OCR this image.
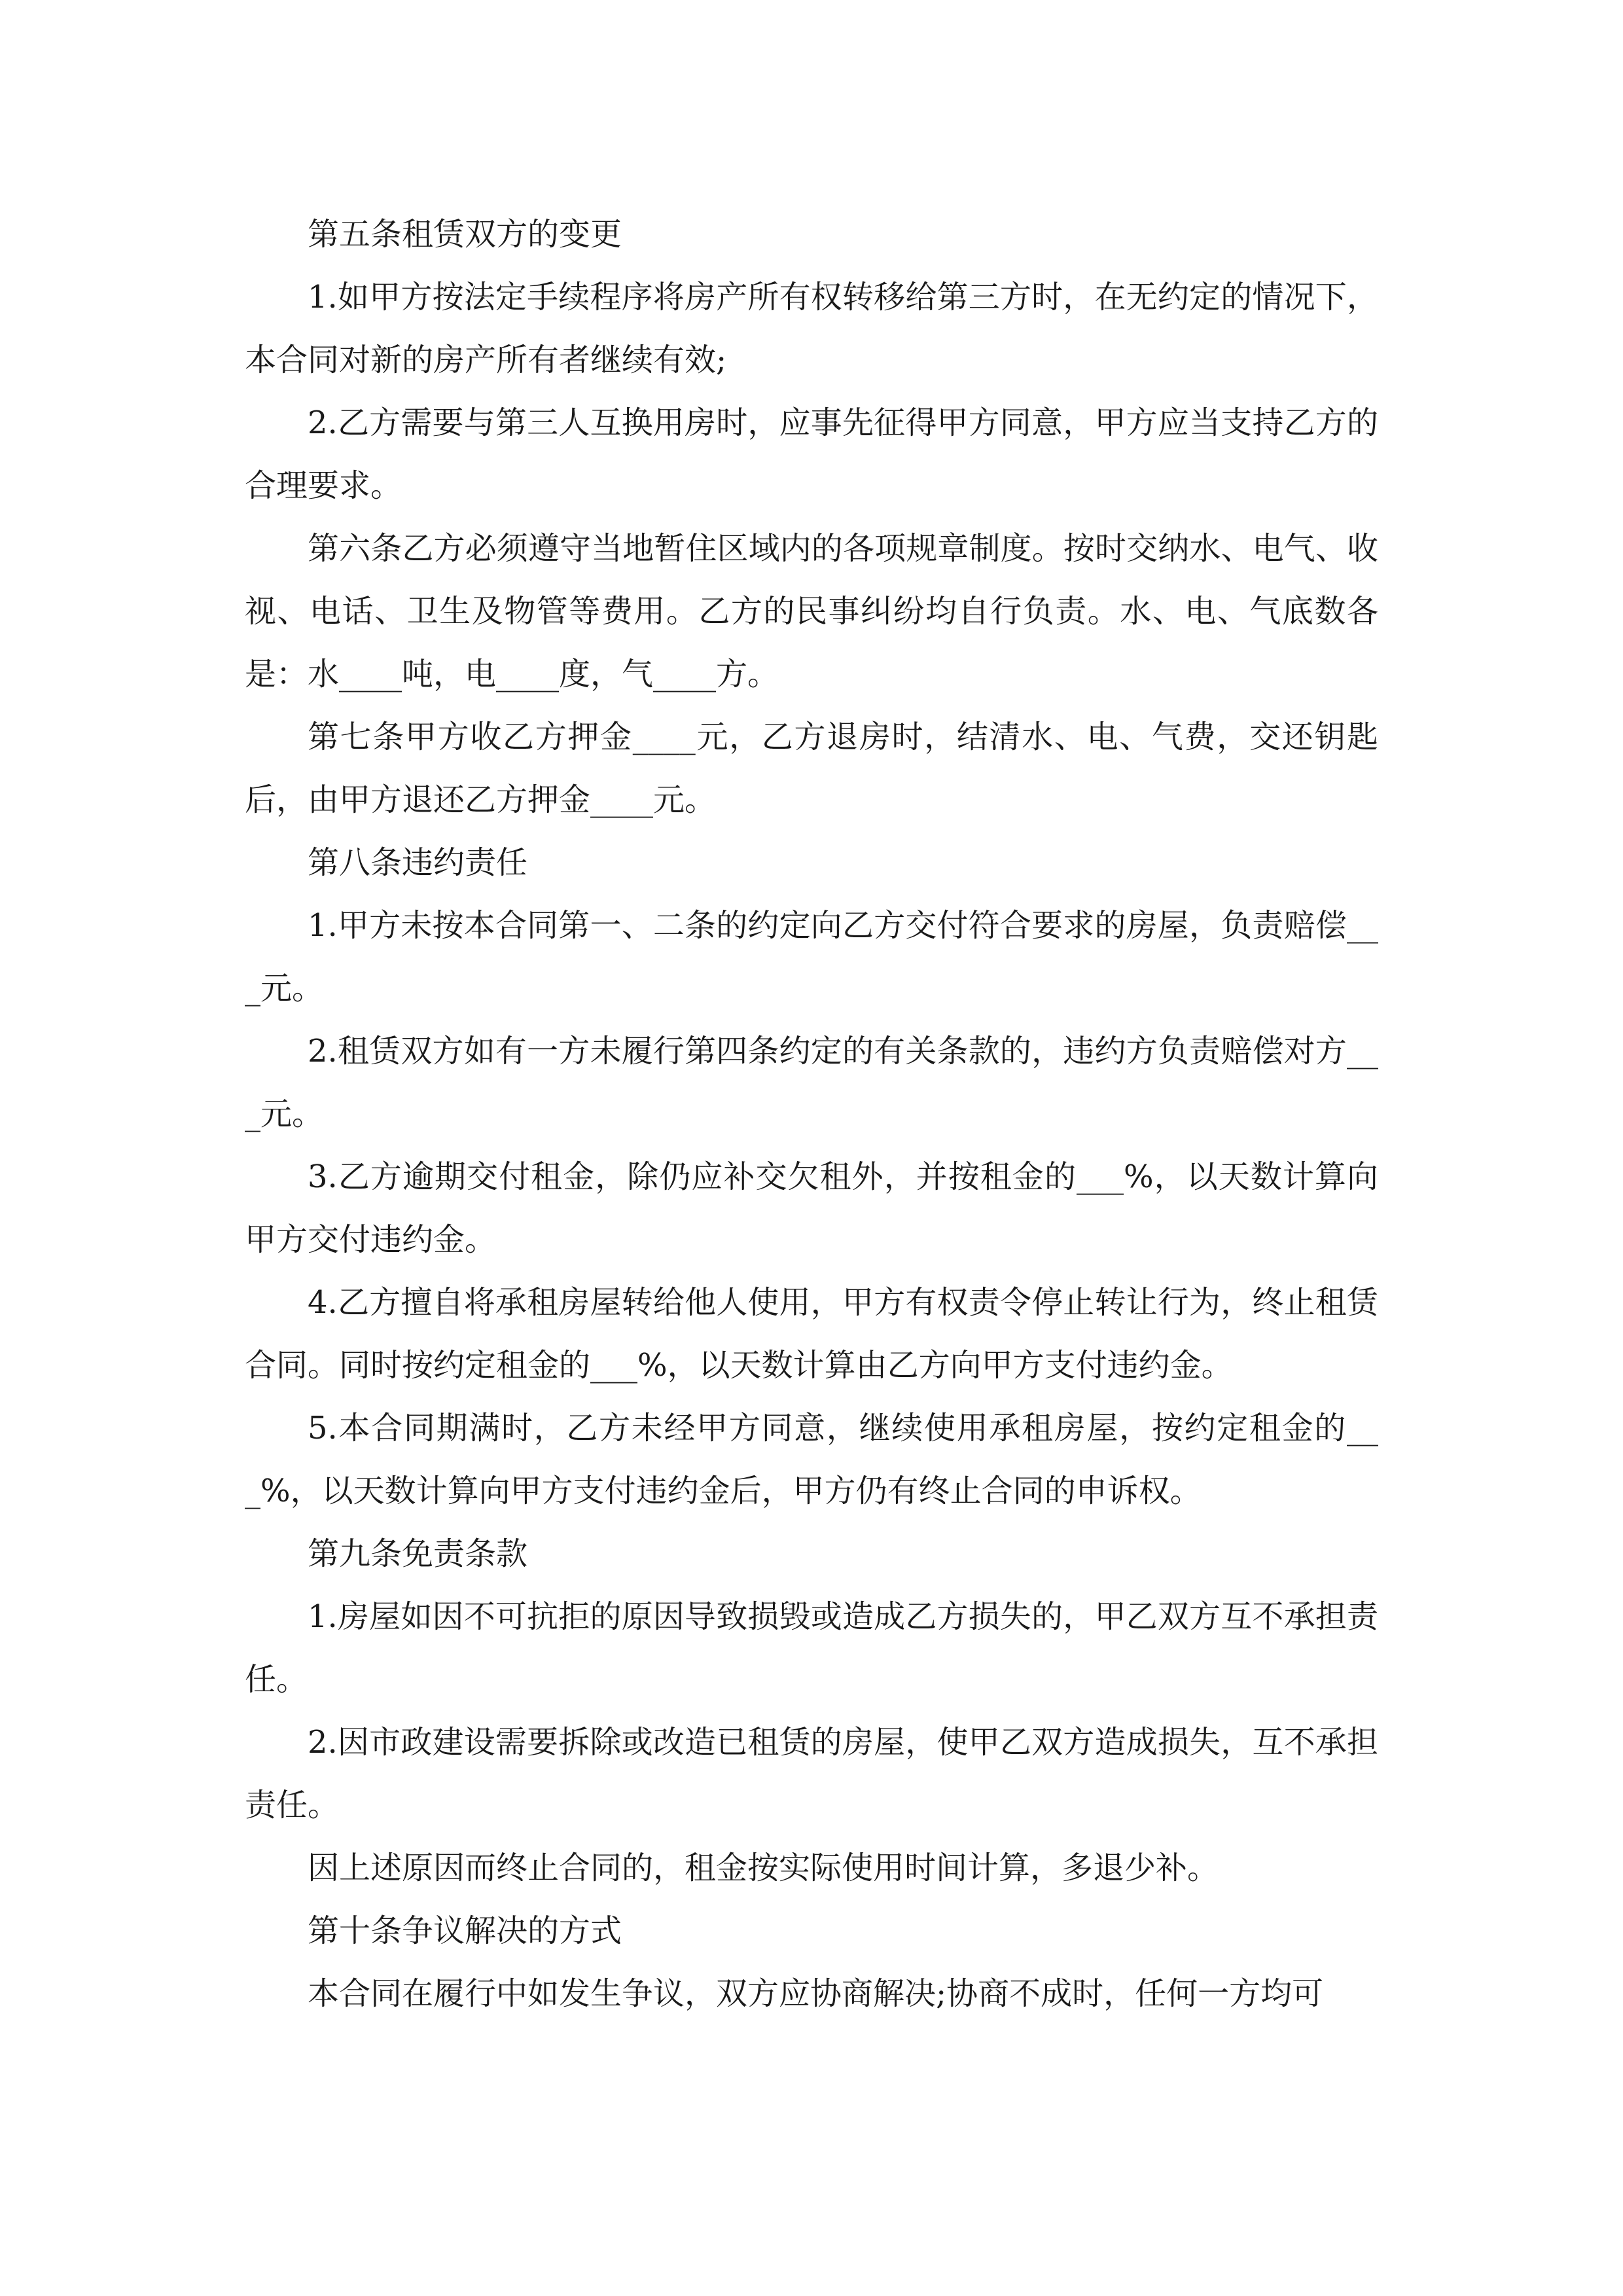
第五条租赁双方的变更

1.如甲方按法定手续程序将房产所有权转移给第三方时，在无约定的情况下，本合同对新的房产所有者继续有效;

2.乙方需要与第三人互换用房时，应事先征得甲方同意，甲方应当支持乙方的合理要求。

第六条乙方必须遵守当地暂住区域内的各项规章制度。按时交纳水、电气、收视、电话、卫生及物管等费用。乙方的民事纠纷均自行负责。水、电、气底数各是：水____吨，电____度，气____方。

第七条甲方收乙方押金____元，乙方退房时，结清水、电、气费，交还钥匙后，由甲方退还乙方押金____元。

第八条违约责任

1.甲方未按本合同第一、二条的约定向乙方交付符合要求的房屋，负责赔偿___元。

2.租赁双方如有一方未履行第四条约定的有关条款的，违约方负责赔偿对方___元。

3.乙方逾期交付租金，除仍应补交欠租外，并按租金的___%，以天数计算向甲方交付违约金。

4.乙方擅自将承租房屋转给他人使用，甲方有权责令停止转让行为，终止租赁合同。同时按约定租金的___%，以天数计算由乙方向甲方支付违约金。

5.本合同期满时，乙方未经甲方同意，继续使用承租房屋，按约定租金的___%，以天数计算向甲方支付违约金后，甲方仍有终止合同的申诉权。

第九条免责条款

1.房屋如因不可抗拒的原因导致损毁或造成乙方损失的，甲乙双方互不承担责任。

2.因市政建设需要拆除或改造已租赁的房屋，使甲乙双方造成损失，互不承担责任。

因上述原因而终止合同的，租金按实际使用时间计算，多退少补。

第十条争议解决的方式

本合同在履行中如发生争议，双方应协商解决;协商不成时，任何一方均可
